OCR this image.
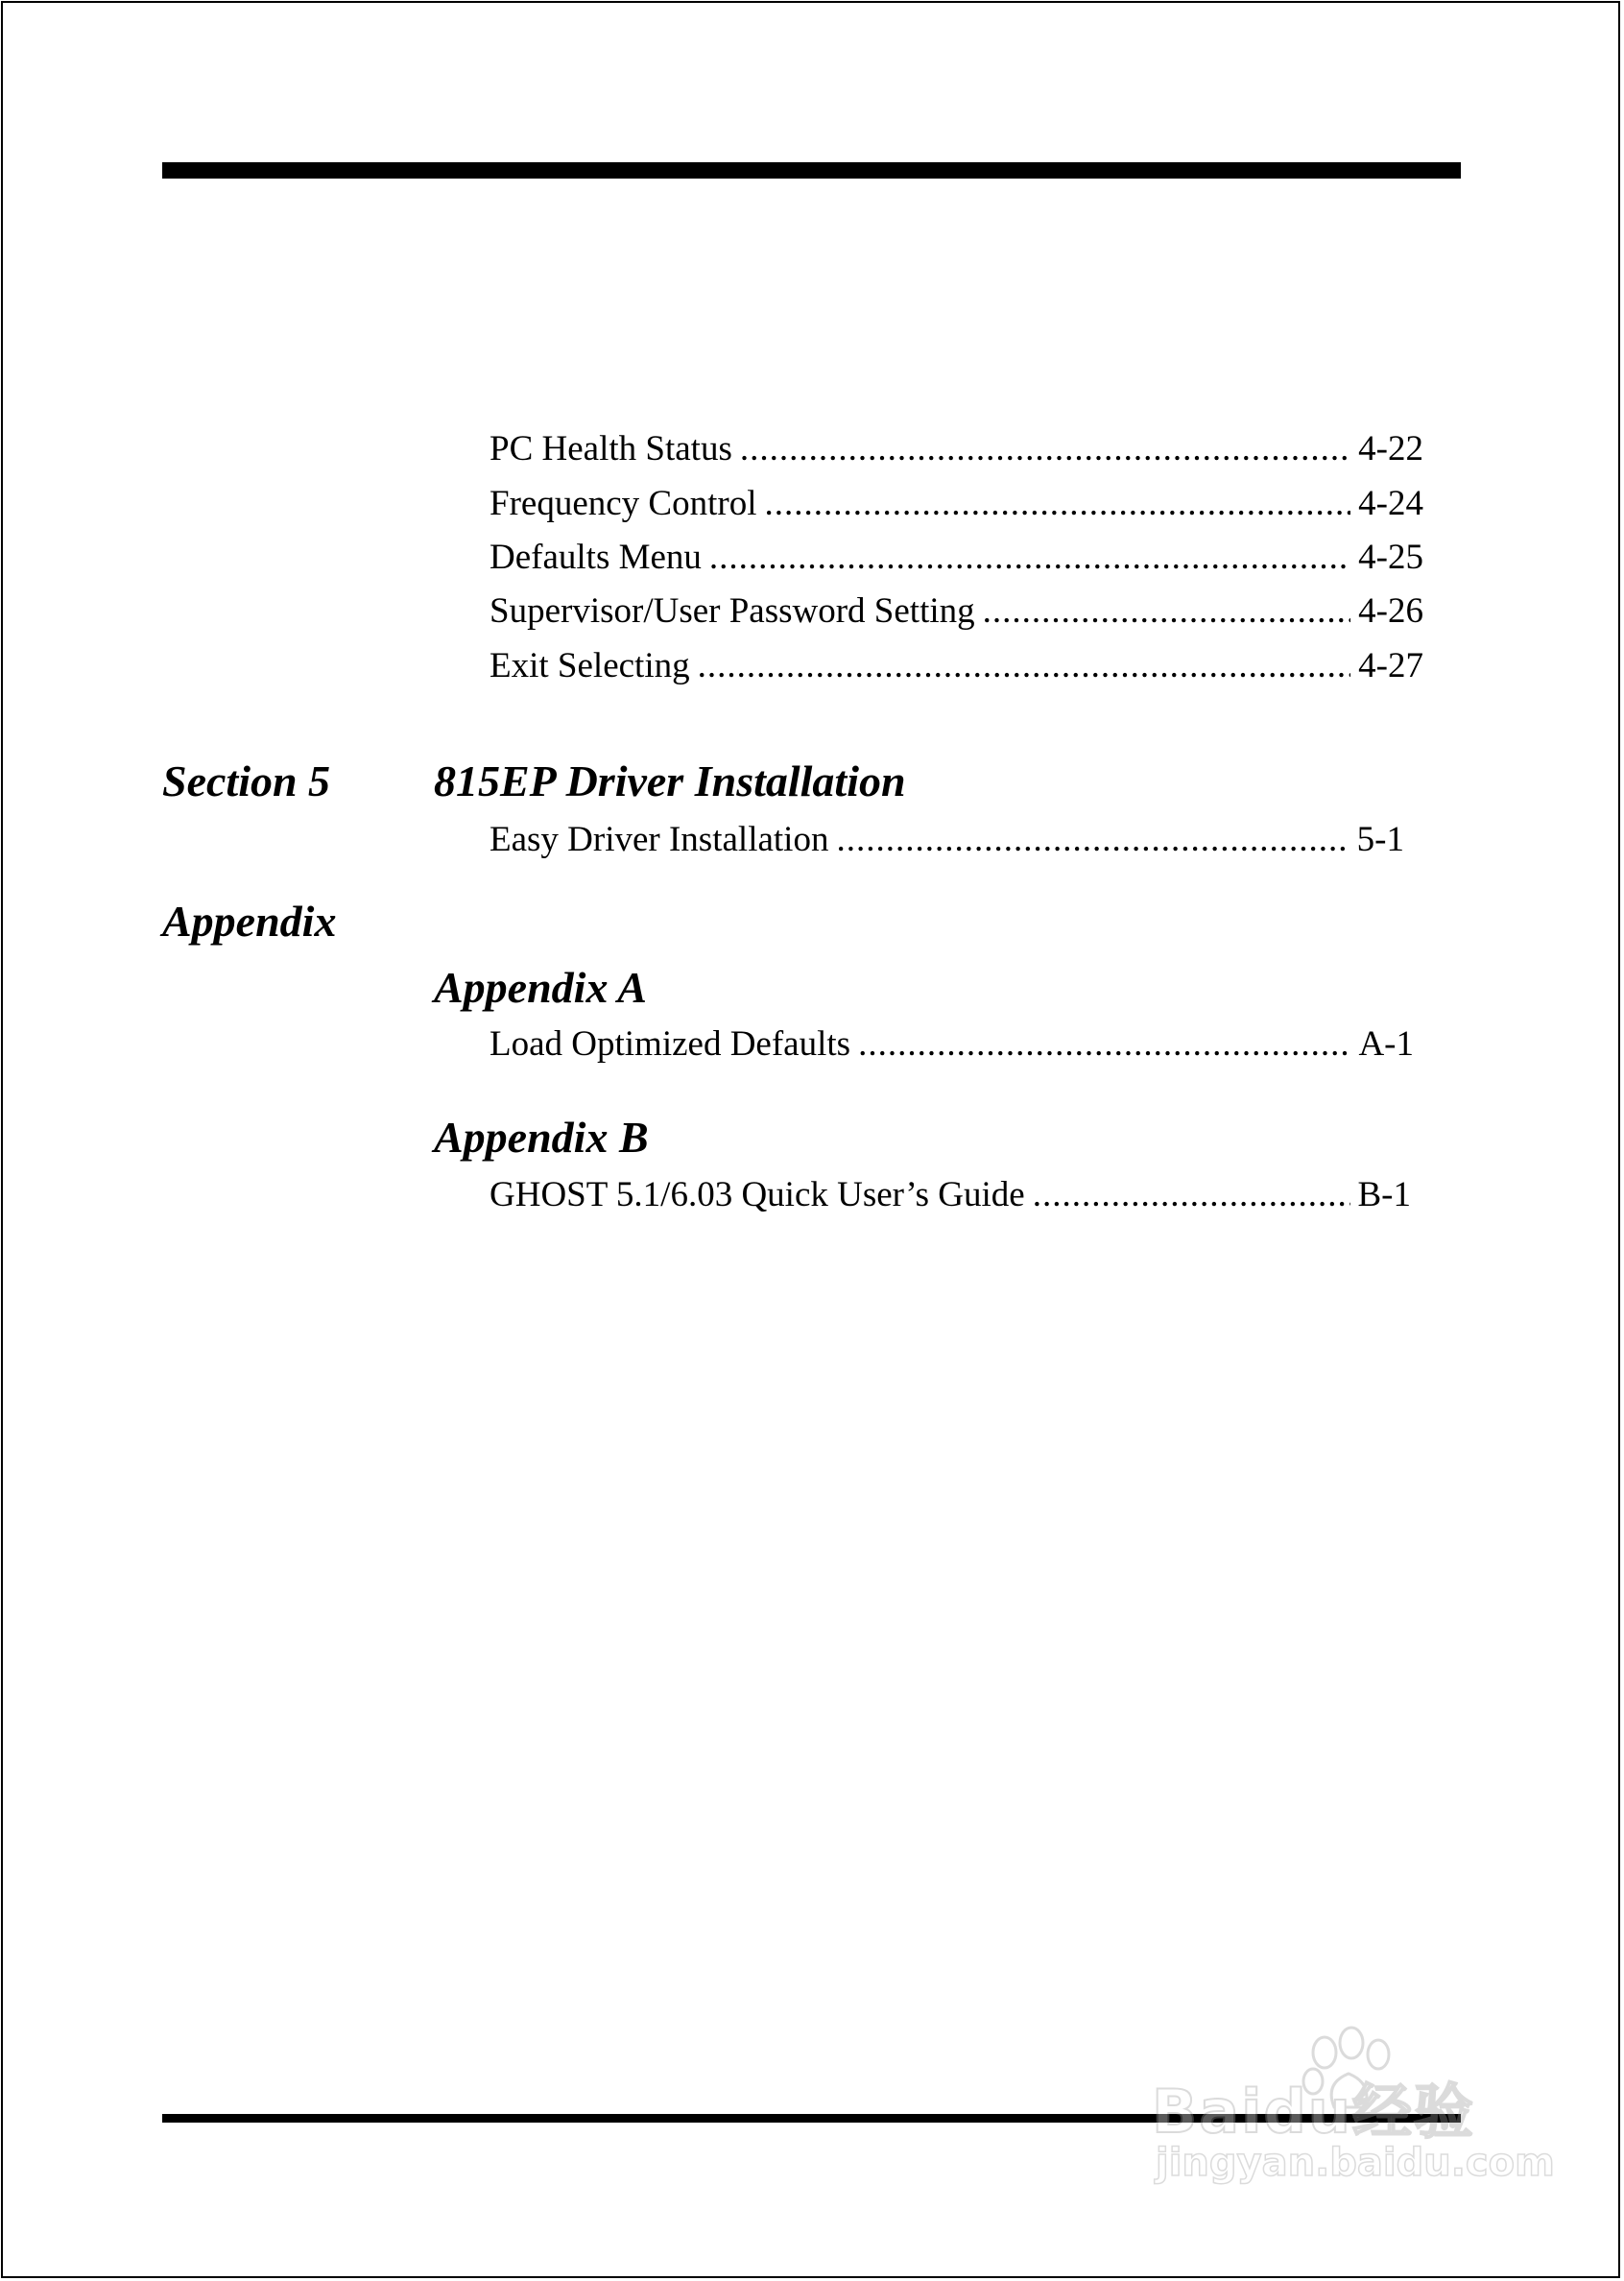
PC Health Status .....	4-22
Frequency Control .....	4-24
Defaults Menu .....	4-25
Supervisor/User Password Setting .....	4-26
Exit Selecting .....	4-27
Section 5 815EP Driver Installation
Easy Driver Installation .....	5-1
Appendix
Appendix A
Load Optimized Defaults .....	A-1
Appendix B
GHOST 5.1/6.03 Quick User’s Guide .....	B-1
Baidu经验
jingyan.baidu.com
